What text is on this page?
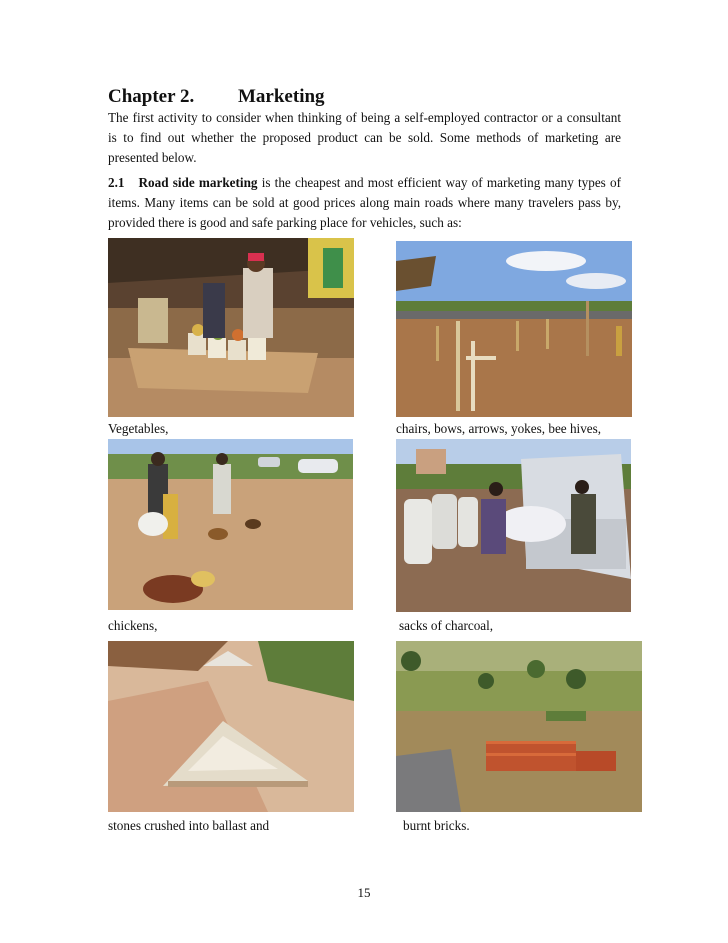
Chapter 2. Marketing
The first activity to consider when thinking of being a self-employed contractor or a consultant is to find out whether the proposed product can be sold. Some methods of marketing are presented below.
2.1 Road side marketing is the cheapest and most efficient way of marketing many types of items. Many items can be sold at good prices along main roads where many travelers pass by, provided there is good and safe parking place for vehicles, such as:
Vegetables,	chairs, bows, arrows, yokes, bee hives,
chickens,	sacks of charcoal,
stones crushed into ballast and	burnt bricks.
15
